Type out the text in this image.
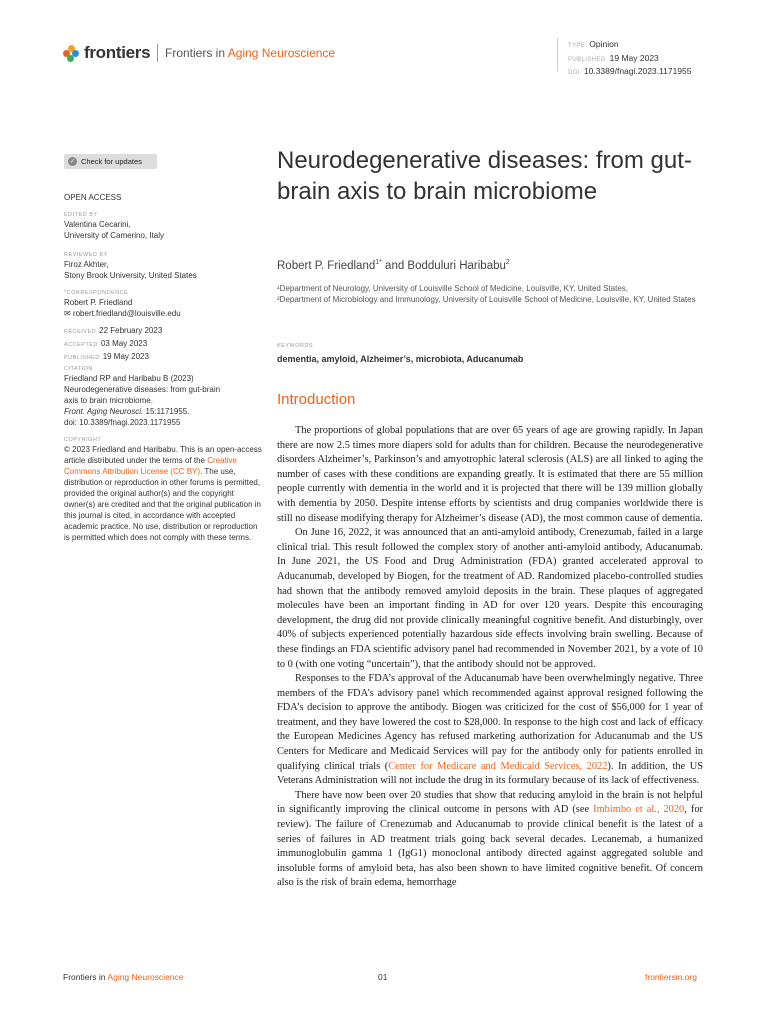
frontiers Frontiers in Aging Neuroscience	TYPE Opinion
PUBLISHED 19 May 2023
DOI 10.3389/fnagi.2023.1171955
✓ Check for updates
OPEN ACCESS
EDITED BY
Valentina Cecarini,
University of Camerino, Italy
REVIEWED BY
Firoz Akhter,
Stony Brook University, United States
*CORRESPONDENCE
Robert P. Friedland
✉ robert.friedland@louisville.edu
RECEIVED 22 February 2023
ACCEPTED 03 May 2023
PUBLISHED 19 May 2023
CITATION
Friedland RP and Haribabu B (2023)
Neurodegenerative diseases: from gut-brain
axis to brain microbiome.
Front. Aging Neurosci. 15:1171955.
doi: 10.3389/fnagi.2023.1171955
COPYRIGHT
© 2023 Friedland and Haribabu. This is an open-access article distributed under the terms of the Creative Commons Attribution License (CC BY). The use, distribution or reproduction in other forums is permitted, provided the original author(s) and the copyright owner(s) are credited and that the original publication in this journal is cited, in accordance with accepted academic practice. No use, distribution or reproduction is permitted which does not comply with these terms.
Neurodegenerative diseases: from gut-brain axis to brain microbiome
Robert P. Friedland$^{1*}$ and Bodduluri Haribabu$^2$
¹Department of Neurology, University of Louisville School of Medicine, Louisville, KY, United States,
²Department of Microbiology and Immunology, University of Louisville School of Medicine, Louisville, KY, United States
KEYWORDS
dementia, amyloid, Alzheimer’s, microbiota, Aducanumab
Introduction

The proportions of global populations that are over 65 years of age are growing rapidly. In Japan there are now 2.5 times more diapers sold for adults than for children. Because the neurodegenerative disorders Alzheimer’s, Parkinson’s and amyotrophic lateral sclerosis (ALS) are all linked to aging the number of cases with these conditions are expanding greatly. It is estimated that there are 55 million people currently with dementia in the world and it is projected that there will be 139 million globally with dementia by 2050. Despite intense efforts by scientists and drug companies worldwide there is still no disease modifying therapy for Alzheimer’s disease (AD), the most common cause of dementia.

On June 16, 2022, it was announced that an anti-amyloid antibody, Crenezumab, failed in a large clinical trial. This result followed the complex story of another anti-amyloid antibody, Aducanumab. In June 2021, the US Food and Drug Administration (FDA) granted accelerated approval to Aducanumab, developed by Biogen, for the treatment of AD. Randomized placebo-controlled studies had shown that the antibody removed amyloid deposits in the brain. These plaques of aggregated molecules have been an important finding in AD for over 120 years. Despite this encouraging development, the drug did not provide clinically meaningful cognitive benefit. And disturbingly, over 40% of subjects experienced potentially hazardous side effects involving brain swelling. Because of these findings an FDA scientific advisory panel had recommended in November 2021, by a vote of 10 to 0 (with one voting “uncertain”), that the antibody should not be approved.

Responses to the FDA’s approval of the Aducanumab have been overwhelmingly negative. Three members of the FDA’s advisory panel which recommended against approval resigned following the FDA’s decision to approve the antibody. Biogen was criticized for the cost of $56,000 for 1 year of treatment, and they have lowered the cost to $28,000. In response to the high cost and lack of efficacy the European Medicines Agency has refused marketing authorization for Aducanumab and the US Centers for Medicare and Medicaid Services will pay for the antibody only for patients enrolled in qualifying clinical trials (Center for Medicare and Medicaid Services, 2022). In addition, the US Veterans Administration will not include the drug in its formulary because of its lack of effectiveness.

There have now been over 20 studies that show that reducing amyloid in the brain is not helpful in significantly improving the clinical outcome in persons with AD (see Imbimbo et al., 2020, for review). The failure of Crenezumab and Aducanumab to provide clinical benefit is the latest of a series of failures in AD treatment trials going back several decades. Lecanemab, a humanized immunoglobulin gamma 1 (IgG1) monoclonal antibody directed against aggregated soluble and insoluble forms of amyloid beta, has also been shown to have limited cognitive benefit. Of concern also is the risk of brain edema, hemorrhage

Frontiers in Aging Neuroscience	01	frontiersin.org
